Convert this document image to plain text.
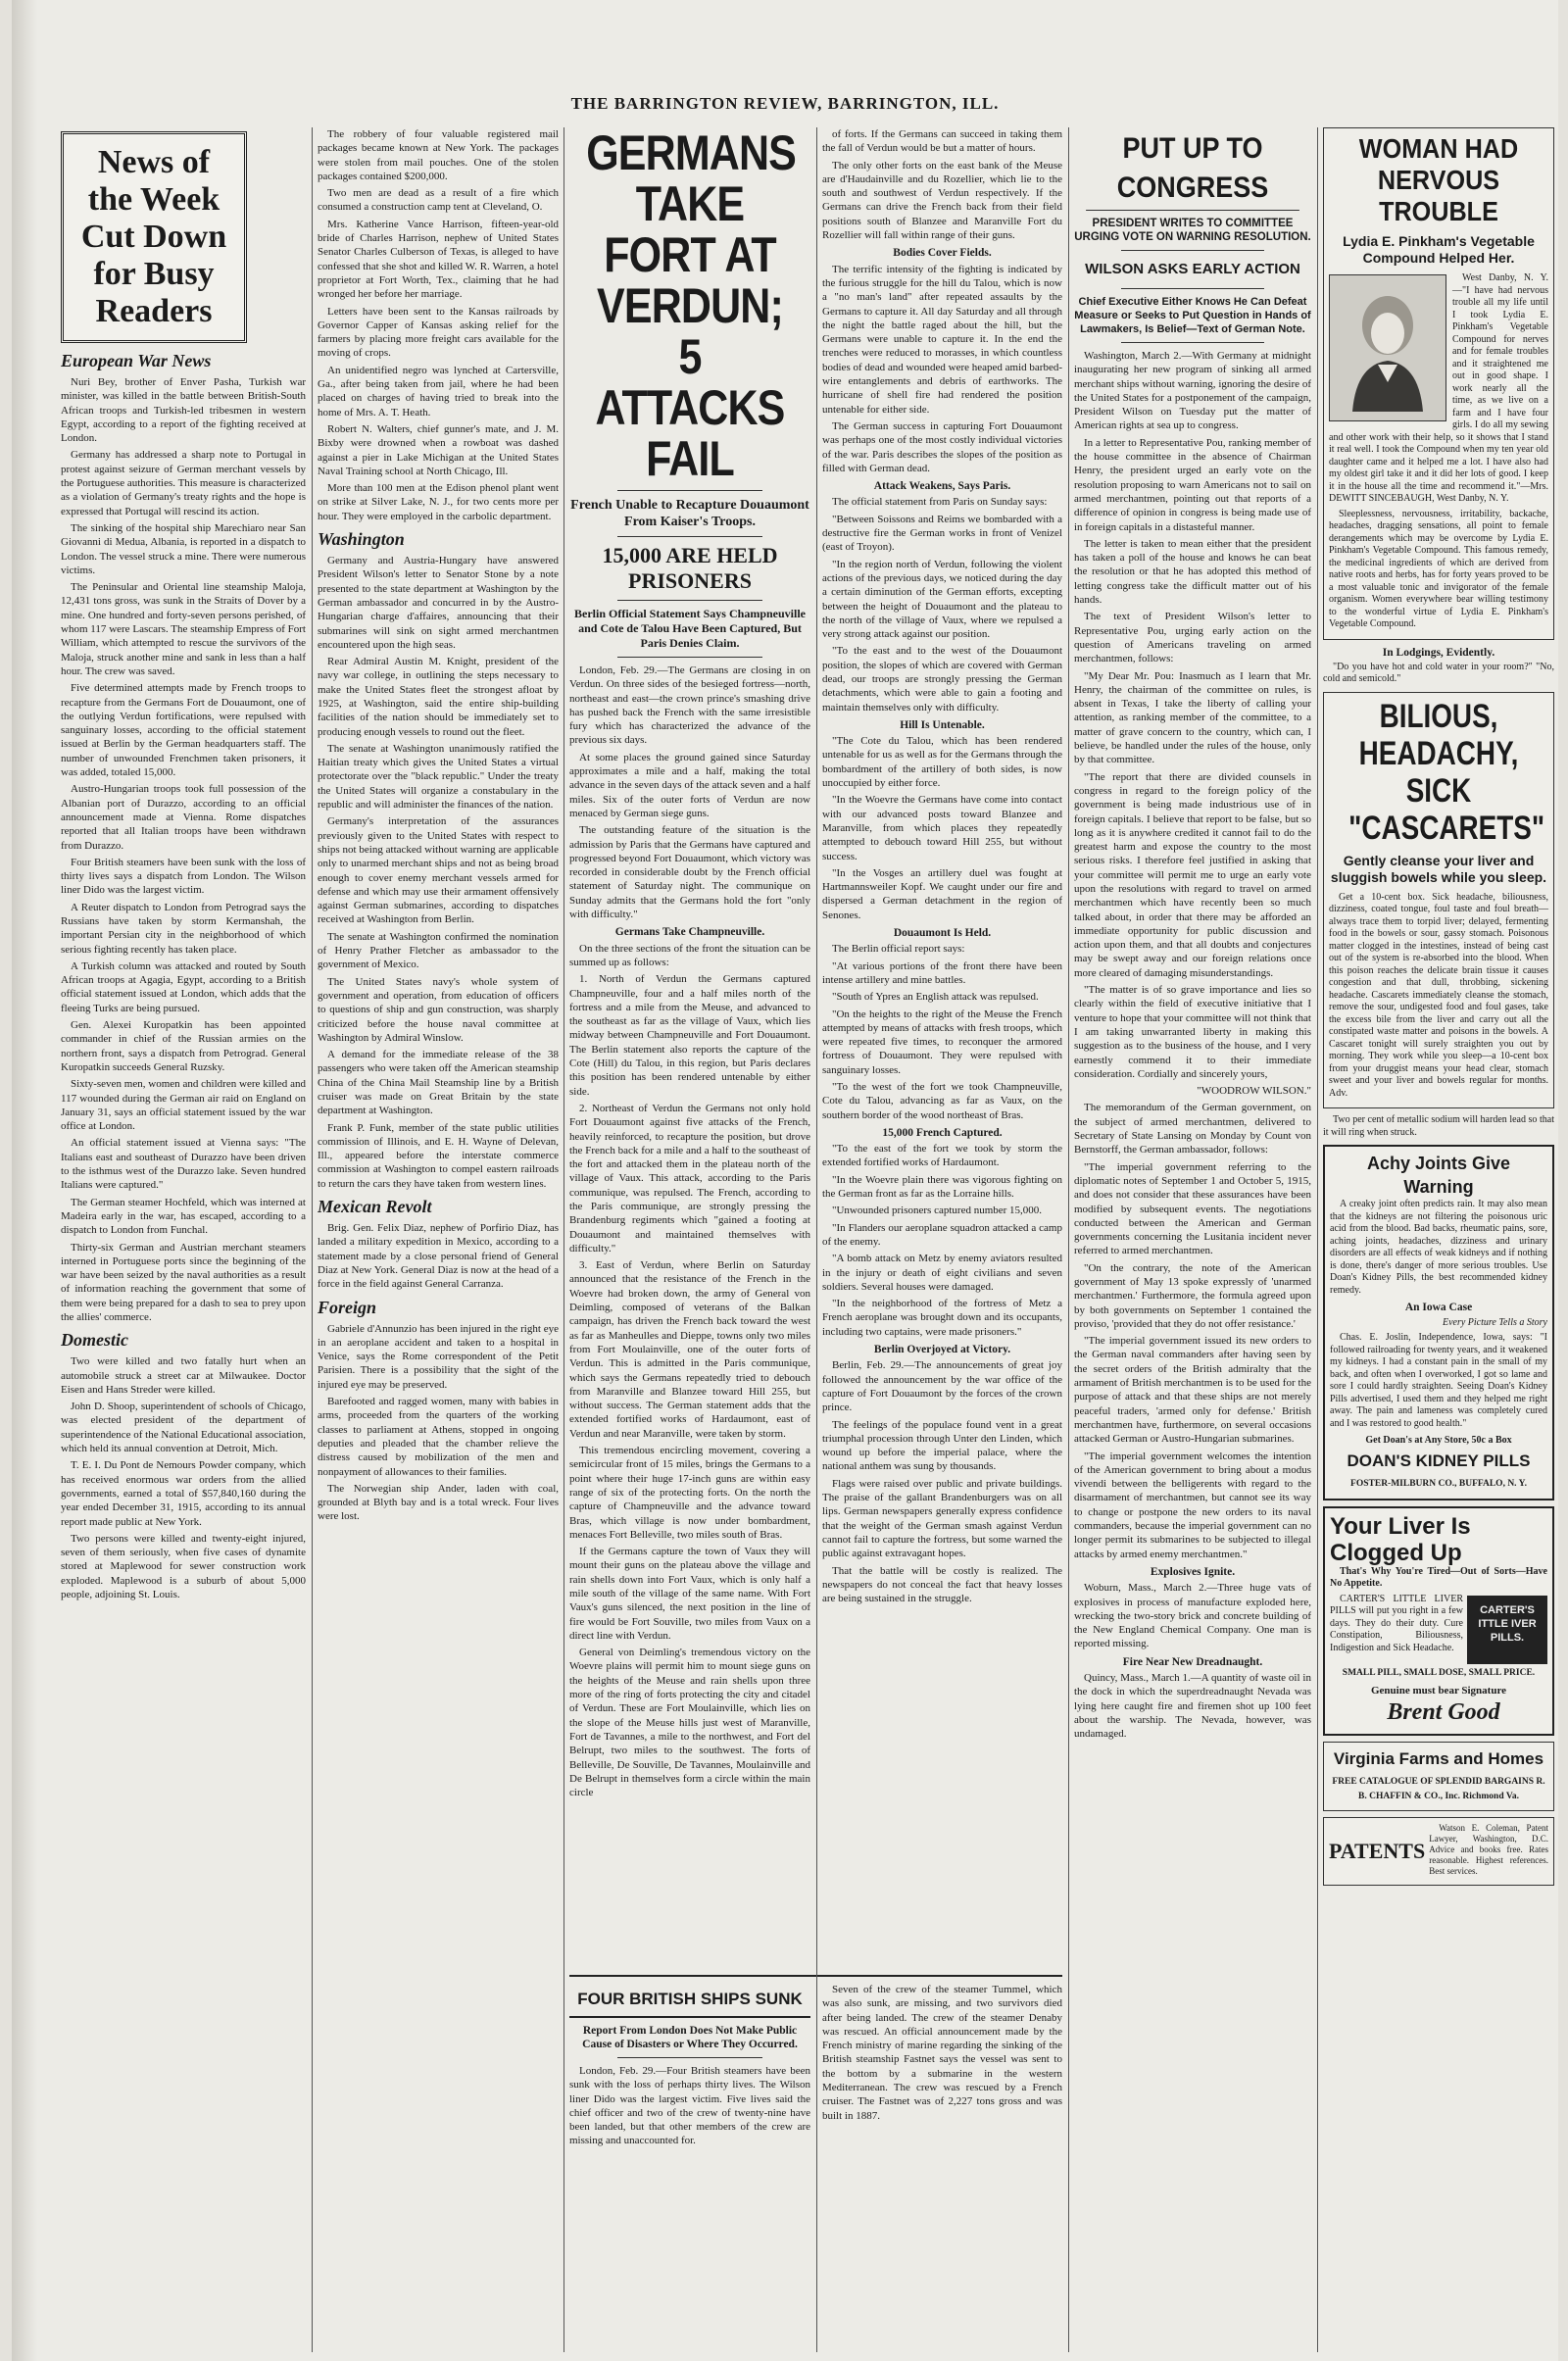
THE BARRINGTON REVIEW, BARRINGTON, ILL.
News of the Week Cut Down for Busy Readers

European War News

Nuri Bey, brother of Enver Pasha, Turkish war minister, was killed in the battle between British-South African troops and Turkish-led tribesmen in western Egypt, according to a report of the fighting received at London.

Germany has addressed a sharp note to Portugal in protest against seizure of German merchant vessels by the Portuguese authorities. This measure is characterized as a violation of Germany's treaty rights and the hope is expressed that Portugal will rescind its action.

The sinking of the hospital ship Marechiaro near San Giovanni di Medua, Albania, is reported in a dispatch to London. The vessel struck a mine. There were numerous victims.

The Peninsular and Oriental line steamship Maloja, 12,431 tons gross, was sunk in the Straits of Dover by a mine. One hundred and forty-seven persons perished, of whom 117 were Lascars. The steamship Empress of Fort William, which attempted to rescue the survivors of the Maloja, struck another mine and sank in less than a half hour. The crew was saved.

Five determined attempts made by French troops to recapture from the Germans Fort de Douaumont, one of the outlying Verdun fortifications, were repulsed with sanguinary losses, according to the official statement issued at Berlin by the German headquarters staff. The number of unwounded Frenchmen taken prisoners, it was added, totaled 15,000.

Austro-Hungarian troops took full possession of the Albanian port of Durazzo, according to an official announcement made at Vienna. Rome dispatches reported that all Italian troops have been withdrawn from Durazzo.

Four British steamers have been sunk with the loss of thirty lives says a dispatch from London. The Wilson liner Dido was the largest victim.

A Reuter dispatch to London from Petrograd says the Russians have taken by storm Kermanshah, the important Persian city in the neighborhood of which serious fighting recently has taken place.

A Turkish column was attacked and routed by South African troops at Agagia, Egypt, according to a British official statement issued at London, which adds that the fleeing Turks are being pursued.

Gen. Alexei Kuropatkin has been appointed commander in chief of the Russian armies on the northern front, says a dispatch from Petrograd. General Kuropatkin succeeds General Ruzsky.

Sixty-seven men, women and children were killed and 117 wounded during the German air raid on England on January 31, says an official statement issued by the war office at London.

An official statement issued at Vienna says: "The Italians east and southeast of Durazzo have been driven to the isthmus west of the Durazzo lake. Seven hundred Italians were captured."

The German steamer Hochfeld, which was interned at Madeira early in the war, has escaped, according to a dispatch to London from Funchal.

Thirty-six German and Austrian merchant steamers interned in Portuguese ports since the beginning of the war have been seized by the naval authorities as a result of information reaching the government that some of them were being prepared for a dash to sea to prey upon the allies' commerce.

Domestic

Two were killed and two fatally hurt when an automobile struck a street car at Milwaukee. Doctor Eisen and Hans Streder were killed.

John D. Shoop, superintendent of schools of Chicago, was elected president of the department of superintendence of the National Educational association, which held its annual convention at Detroit, Mich.

T. E. I. Du Pont de Nemours Powder company, which has received enormous war orders from the allied governments, earned a total of $57,840,160 during the year ended December 31, 1915, according to its annual report made public at New York.

Two persons were killed and twenty-eight injured, seven of them seriously, when five cases of dynamite stored at Maplewood for sewer construction work exploded. Maplewood is a suburb of about 5,000 people, adjoining St. Louis.

The robbery of four valuable registered mail packages became known at New York. The packages were stolen from mail pouches. One of the stolen packages contained $200,000.

Two men are dead as a result of a fire which consumed a construction camp tent at Cleveland, O.

Mrs. Katherine Vance Harrison, fifteen-year-old bride of Charles Harrison, nephew of United States Senator Charles Culberson of Texas, is alleged to have confessed that she shot and killed W. R. Warren, a hotel proprietor at Fort Worth, Tex., claiming that he had wronged her before her marriage.

Letters have been sent to the Kansas railroads by Governor Capper of Kansas asking relief for the farmers by placing more freight cars available for the moving of crops.

An unidentified negro was lynched at Cartersville, Ga., after being taken from jail, where he had been placed on charges of having tried to break into the home of Mrs. A. T. Heath.

Robert N. Walters, chief gunner's mate, and J. M. Bixby were drowned when a rowboat was dashed against a pier in Lake Michigan at the United States Naval Training school at North Chicago, Ill.

More than 100 men at the Edison phenol plant went on strike at Silver Lake, N. J., for two cents more per hour. They were employed in the carbolic department.

Washington

Germany and Austria-Hungary have answered President Wilson's letter to Senator Stone by a note presented to the state department at Washington by the German ambassador and concurred in by the Austro-Hungarian charge d'affaires, announcing that their submarines will sink on sight armed merchantmen encountered upon the high seas.

Rear Admiral Austin M. Knight, president of the navy war college, in outlining the steps necessary to make the United States fleet the strongest afloat by 1925, at Washington, said the entire ship-building facilities of the nation should be immediately set to producing enough vessels to round out the fleet.

The senate at Washington unanimously ratified the Haitian treaty which gives the United States a virtual protectorate over the "black republic." Under the treaty the United States will organize a constabulary in the republic and will administer the finances of the nation.

Germany's interpretation of the assurances previously given to the United States with respect to ships not being attacked without warning are applicable only to unarmed merchant ships and not as being broad enough to cover enemy merchant vessels armed for defense and which may use their armament offensively against German submarines, according to dispatches received at Washington from Berlin.

The senate at Washington confirmed the nomination of Henry Prather Fletcher as ambassador to the government of Mexico.

The United States navy's whole system of government and operation, from education of officers to questions of ship and gun construction, was sharply criticized before the house naval committee at Washington by Admiral Winslow.

A demand for the immediate release of the 38 passengers who were taken off the American steamship China of the China Mail Steamship line by a British cruiser was made on Great Britain by the state department at Washington.

Frank P. Funk, member of the state public utilities commission of Illinois, and E. H. Wayne of Delevan, Ill., appeared before the interstate commerce commission at Washington to compel eastern railroads to return the cars they have taken from western lines.

Mexican Revolt

Brig. Gen. Felix Diaz, nephew of Porfirio Diaz, has landed a military expedition in Mexico, according to a statement made by a close personal friend of General Diaz at New York. General Diaz is now at the head of a force in the field against General Carranza.

Foreign

Gabriele d'Annunzio has been injured in the right eye in an aeroplane accident and taken to a hospital in Venice, says the Rome correspondent of the Petit Parisien. There is a possibility that the sight of the injured eye may be preserved.

Barefooted and ragged women, many with babies in arms, proceeded from the quarters of the working classes to parliament at Athens, stopped in ongoing deputies and pleaded that the chamber relieve the distress caused by mobilization of the men and nonpayment of allowances to their families.

The Norwegian ship Ander, laden with coal, grounded at Blyth bay and is a total wreck. Four lives were lost.

GERMANS TAKE FORT AT VERDUN; 5 ATTACKS FAIL
French Unable to Recapture Douaumont From Kaiser's Troops.
15,000 ARE HELD PRISONERS
Berlin Official Statement Says Champneuville and Cote de Talou Have Been Captured, But Paris Denies Claim.

London, Feb. 29.—The Germans are closing in on Verdun. On three sides of the besieged fortress—north, northeast and east—the crown prince's smashing drive has pushed back the French with the same irresistible fury which has characterized the advance of the previous six days.

At some places the ground gained since Saturday approximates a mile and a half, making the total advance in the seven days of the attack seven and a half miles. Six of the outer forts of Verdun are now menaced by German siege guns.

The outstanding feature of the situation is the admission by Paris that the Germans have captured and progressed beyond Fort Douaumont, which victory was recorded in considerable doubt by the French official statement of Saturday night. The communique on Sunday admits that the Germans hold the fort "only with difficulty."

Germans Take Champneuville.

On the three sections of the front the situation can be summed up as follows:

1. North of Verdun the Germans captured Champneuville, four and a half miles north of the fortress and a mile from the Meuse, and advanced to the southeast as far as the village of Vaux, which lies midway between Champneuville and Fort Douaumont. The Berlin statement also reports the capture of the Cote (Hill) du Talou, in this region, but Paris declares this position has been rendered untenable by either side.

2. Northeast of Verdun the Germans not only hold Fort Douaumont against five attacks of the French, heavily reinforced, to recapture the position, but drove the French back for a mile and a half to the southeast of the fort and attacked them in the plateau north of the village of Vaux. This attack, according to the Paris communique, was repulsed. The French, according to the Paris communique, are strongly pressing the Brandenburg regiments which "gained a footing at Douaumont and maintained themselves with difficulty."

3. East of Verdun, where Berlin on Saturday announced that the resistance of the French in the Woevre had broken down, the army of General von Deimling, composed of veterans of the Balkan campaign, has driven the French back toward the west as far as Manheulles and Dieppe, towns only two miles from Fort Moulainville, one of the outer forts of Verdun. This is admitted in the Paris communique, which says the Germans repeatedly tried to debouch from Maranville and Blanzee toward Hill 255, but without success. The German statement adds that the extended fortified works of Hardaumont, east of Verdun and near Maranville, were taken by storm.

This tremendous encircling movement, covering a semicircular front of 15 miles, brings the Germans to a point where their huge 17-inch guns are within easy range of six of the protecting forts. On the north the capture of Champneuville and the advance toward Bras, which village is now under bombardment, menaces Fort Belleville, two miles south of Bras.

If the Germans capture the town of Vaux they will mount their guns on the plateau above the village and rain shells down into Fort Vaux, which is only half a mile south of the village of the same name. With Fort Vaux's guns silenced, the next position in the line of fire would be Fort Souville, two miles from Vaux on a direct line with Verdun.

General von Deimling's tremendous victory on the Woevre plains will permit him to mount siege guns on the heights of the Meuse and rain shells upon three more of the ring of forts protecting the city and citadel of Verdun. These are Fort Moulainville, which lies on the slope of the Meuse hills just west of Maranville, Fort de Tavannes, a mile to the northwest, and Fort del Belrupt, two miles to the southwest. The forts of Belleville, De Souville, De Tavannes, Moulainville and De Belrupt in themselves form a circle within the main circle

of forts. If the Germans can succeed in taking them the fall of Verdun would be but a matter of hours.

The only other forts on the east bank of the Meuse are d'Haudainville and du Rozellier, which lie to the south and southwest of Verdun respectively. If the Germans can drive the French back from their field positions south of Blanzee and Maranville Fort du Rozellier will fall within range of their guns.

Bodies Cover Fields.

The terrific intensity of the fighting is indicated by the furious struggle for the hill du Talou, which is now a "no man's land" after repeated assaults by the Germans to capture it. All day Saturday and all through the night the battle raged about the hill, but the Germans were unable to capture it. In the end the trenches were reduced to morasses, in which countless bodies of dead and wounded were heaped amid barbed-wire entanglements and debris of earthworks. The hurricane of shell fire had rendered the position untenable for either side.

The German success in capturing Fort Douaumont was perhaps one of the most costly individual victories of the war. Paris describes the slopes of the position as filled with German dead.

Attack Weakens, Says Paris.

The official statement from Paris on Sunday says:

"Between Soissons and Reims we bombarded with a destructive fire the German works in front of Venizel (east of Troyon).

"In the region north of Verdun, following the violent actions of the previous days, we noticed during the day a certain diminution of the German efforts, excepting between the height of Douaumont and the plateau to the north of the village of Vaux, where we repulsed a very strong attack against our position.

"To the east and to the west of the Douaumont position, the slopes of which are covered with German dead, our troops are strongly pressing the German detachments, which were able to gain a footing and maintain themselves only with difficulty.

Hill Is Untenable.

"The Cote du Talou, which has been rendered untenable for us as well as for the Germans through the bombardment of the artillery of both sides, is now unoccupied by either force.

"In the Woevre the Germans have come into contact with our advanced posts toward Blanzee and Maranville, from which places they repeatedly attempted to debouch toward Hill 255, but without success.

"In the Vosges an artillery duel was fought at Hartmannsweiler Kopf. We caught under our fire and dispersed a German detachment in the region of Senones.

Douaumont Is Held.

The Berlin official report says:

"At various portions of the front there have been intense artillery and mine battles.

"South of Ypres an English attack was repulsed.

"On the heights to the right of the Meuse the French attempted by means of attacks with fresh troops, which were repeated five times, to reconquer the armored fortress of Douaumont. They were repulsed with sanguinary losses.

"To the west of the fort we took Champneuville, Cote du Talou, advancing as far as Vaux, on the southern border of the wood northeast of Bras.

15,000 French Captured.

"To the east of the fort we took by storm the extended fortified works of Hardaumont.

"In the Woevre plain there was vigorous fighting on the German front as far as the Lorraine hills.

"Unwounded prisoners captured number 15,000.

"In Flanders our aeroplane squadron attacked a camp of the enemy.

"A bomb attack on Metz by enemy aviators resulted in the injury or death of eight civilians and seven soldiers. Several houses were damaged.

"In the neighborhood of the fortress of Metz a French aeroplane was brought down and its occupants, including two captains, were made prisoners."

Berlin Overjoyed at Victory.

Berlin, Feb. 29.—The announcements of great joy followed the announcement by the war office of the capture of Fort Douaumont by the forces of the crown prince.

The feelings of the populace found vent in a great triumphal procession through Unter den Linden, which wound up before the imperial palace, where the national anthem was sung by thousands.

Flags were raised over public and private buildings. The praise of the gallant Brandenburgers was on all lips. German newspapers generally express confidence that the weight of the German smash against Verdun cannot fail to capture the fortress, but some warned the public against extravagant hopes.

That the battle will be costly is realized. The newspapers do not conceal the fact that heavy losses are being sustained in the struggle.

FOUR BRITISH SHIPS SUNK
Report From London Does Not Make Public Cause of Disasters or Where They Occurred.

London, Feb. 29.—Four British steamers have been sunk with the loss of perhaps thirty lives. The Wilson liner Dido was the largest victim. Five lives said the chief officer and two of the crew of twenty-nine have been landed, but that other members of the crew are missing and unaccounted for.

Seven of the crew of the steamer Tummel, which was also sunk, are missing, and two survivors died after being landed. The crew of the steamer Denaby was rescued. An official announcement made by the French ministry of marine regarding the sinking of the British steamship Fastnet says the vessel was sent to the bottom by a submarine in the western Mediterranean. The crew was rescued by a French cruiser. The Fastnet was of 2,227 tons gross and was built in 1887.

PUT UP TO CONGRESS
PRESIDENT WRITES TO COMMITTEE URGING VOTE ON WARNING RESOLUTION.
WILSON ASKS EARLY ACTION
Chief Executive Either Knows He Can Defeat Measure or Seeks to Put Question in Hands of Lawmakers, Is Belief—Text of German Note.

Washington, March 2.—With Germany at midnight inaugurating her new program of sinking all armed merchant ships without warning, ignoring the desire of the United States for a postponement of the campaign, President Wilson on Tuesday put the matter of American rights at sea up to congress.

In a letter to Representative Pou, ranking member of the house committee in the absence of Chairman Henry, the president urged an early vote on the resolution proposing to warn Americans not to sail on armed merchantmen, pointing out that reports of a difference of opinion in congress is being made use of in foreign capitals in a distasteful manner.

The letter is taken to mean either that the president has taken a poll of the house and knows he can beat the resolution or that he has adopted this method of letting congress take the difficult matter out of his hands.

The text of President Wilson's letter to Representative Pou, urging early action on the question of Americans traveling on armed merchantmen, follows:

"My Dear Mr. Pou: Inasmuch as I learn that Mr. Henry, the chairman of the committee on rules, is absent in Texas, I take the liberty of calling your attention, as ranking member of the committee, to a matter of grave concern to the country, which can, I believe, be handled under the rules of the house, only by that committee.

"The report that there are divided counsels in congress in regard to the foreign policy of the government is being made industrious use of in foreign capitals. I believe that report to be false, but so long as it is anywhere credited it cannot fail to do the greatest harm and expose the country to the most serious risks. I therefore feel justified in asking that your committee will permit me to urge an early vote upon the resolutions with regard to travel on armed merchantmen which have recently been so much talked about, in order that there may be afforded an immediate opportunity for public discussion and action upon them, and that all doubts and conjectures may be swept away and our foreign relations once more cleared of damaging misunderstandings.

"The matter is of so grave importance and lies so clearly within the field of executive initiative that I venture to hope that your committee will not think that I am taking unwarranted liberty in making this suggestion as to the business of the house, and I very earnestly commend it to their immediate consideration. Cordially and sincerely yours,

"WOODROW WILSON."

The memorandum of the German government, on the subject of armed merchantmen, delivered to Secretary of State Lansing on Monday by Count von Bernstorff, the German ambassador, follows:

"The imperial government referring to the diplomatic notes of September 1 and October 5, 1915, and does not consider that these assurances have been modified by subsequent events. The negotiations conducted between the American and German governments concerning the Lusitania incident never referred to armed merchantmen.

"On the contrary, the note of the American government of May 13 spoke expressly of 'unarmed merchantmen.' Furthermore, the formula agreed upon by both governments on September 1 contained the proviso, 'provided that they do not offer resistance.'

"The imperial government issued its new orders to the German naval commanders after having seen by the secret orders of the British admiralty that the armament of British merchantmen is to be used for the purpose of attack and that these ships are not merely peaceful traders, 'armed only for defense.' British merchantmen have, furthermore, on several occasions attacked German or Austro-Hungarian submarines.

"The imperial government welcomes the intention of the American government to bring about a modus vivendi between the belligerents with regard to the disarmament of merchantmen, but cannot see its way to change or postpone the new orders to its naval commanders, because the imperial government can no longer permit its submarines to be subjected to illegal attacks by armed enemy merchantmen."

Explosives Ignite.

Woburn, Mass., March 2.—Three huge vats of explosives in process of manufacture exploded here, wrecking the two-story brick and concrete building of the New England Chemical Company. One man is reported missing.

Fire Near New Dreadnaught.

Quincy, Mass., March 1.—A quantity of waste oil in the dock in which the superdreadnaught Nevada was lying here caught fire and firemen shot up 100 feet about the warship. The Nevada, however, was undamaged.

WOMAN HAD NERVOUS TROUBLE
Lydia E. Pinkham's Vegetable Compound Helped Her.

West Danby, N. Y.—"I have had nervous trouble all my life until I took Lydia E. Pinkham's Vegetable Compound for nerves and for female troubles and it straightened me out in good shape. I work nearly all the time, as we live on a farm and I have four girls. I do all my sewing and other work with their help, so it shows that I stand it real well. I took the Compound when my ten year old daughter came and it helped me a lot. I have also had my oldest girl take it and it did her lots of good. I keep it in the house all the time and recommend it."—Mrs. DEWITT SINCEBAUGH, West Danby, N. Y.

Sleeplessness, nervousness, irritability, backache, headaches, dragging sensations, all point to female derangements which may be overcome by Lydia E. Pinkham's Vegetable Compound. This famous remedy, the medicinal ingredients of which are derived from native roots and herbs, has for forty years proved to be a most valuable tonic and invigorator of the female organism. Women everywhere bear willing testimony to the wonderful virtue of Lydia E. Pinkham's Vegetable Compound.

In Lodgings, Evidently.

"Do you have hot and cold water in your room?" "No, cold and semicold."

BILIOUS, HEADACHY, SICK "CASCARETS"
Gently cleanse your liver and sluggish bowels while you sleep.

Get a 10-cent box. Sick headache, biliousness, dizziness, coated tongue, foul taste and foul breath—always trace them to torpid liver; delayed, fermenting food in the bowels or sour, gassy stomach. Poisonous matter clogged in the intestines, instead of being cast out of the system is re-absorbed into the blood. When this poison reaches the delicate brain tissue it causes congestion and that dull, throbbing, sickening headache. Cascarets immediately cleanse the stomach, remove the sour, undigested food and foul gases, take the excess bile from the liver and carry out all the constipated waste matter and poisons in the bowels. A Cascaret tonight will surely straighten you out by morning. They work while you sleep—a 10-cent box from your druggist means your head clear, stomach sweet and your liver and bowels regular for months. Adv.

Two per cent of metallic sodium will harden lead so that it will ring when struck.

Achy Joints Give Warning

A creaky joint often predicts rain. It may also mean that the kidneys are not filtering the poisonous uric acid from the blood. Bad backs, rheumatic pains, sore, aching joints, headaches, dizziness and urinary disorders are all effects of weak kidneys and if nothing is done, there's danger of more serious troubles. Use Doan's Kidney Pills, the best recommended kidney remedy.

An Iowa Case

Every Picture Tells a Story

Chas. E. Joslin, Independence, Iowa, says: "I followed railroading for twenty years, and it weakened my kidneys. I had a constant pain in the small of my back, and often when I overworked, I got so lame and sore I could hardly straighten. Seeing Doan's Kidney Pills advertised, I used them and they helped me right away. The pain and lameness was completely cured and I was restored to good health."

Get Doan's at Any Store, 50c a Box

DOAN'S KIDNEY PILLS

FOSTER-MILBURN CO., BUFFALO, N. Y.

Your Liver Is Clogged Up

That's Why You're Tired—Out of Sorts—Have No Appetite.

CARTER'S ITTLE IVER PILLS.

CARTER'S LITTLE LIVER PILLS will put you right in a few days. They do their duty. Cure Constipation, Biliousness, Indigestion and Sick Headache.

SMALL PILL, SMALL DOSE, SMALL PRICE.

Genuine must bear Signature

Brent Good

Virginia Farms and Homes

FREE CATALOGUE OF SPLENDID BARGAINS R. B. CHAFFIN & CO., Inc. Richmond Va.

PATENTS

Watson E. Coleman, Patent Lawyer, Washington, D.C. Advice and books free. Rates reasonable. Highest references. Best services.
